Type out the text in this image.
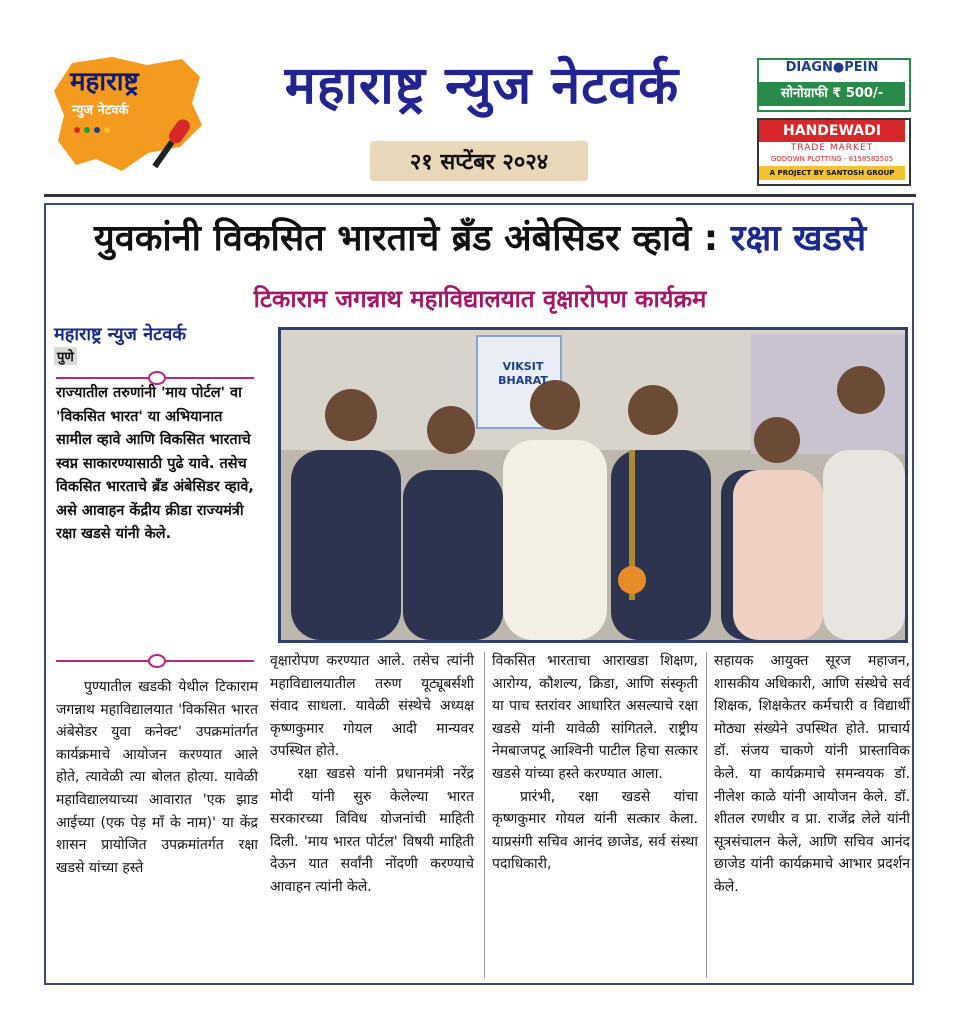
महाराष्ट्र
न्युज नेटवर्क	महाराष्ट्र न्युज नेटवर्क
२१ सप्टेंबर २०२४
DIAGN●PEIN
सोनोग्राफी ₹ 500/-
HANDEWADI
TRADE MARKET
GODOWN PLOTTING - 8158582505
A PROJECT BY SANTOSH GROUP
युवकांनी विकसित भारताचे ब्रँड अंबेसिडर व्हावे : रक्षा खडसे
टिकाराम जगन्नाथ महाविद्यालयात वृक्षारोपण कार्यक्रम
महाराष्ट्र न्युज नेटवर्क
पुणे
राज्यातील तरुणांनी 'माय पोर्टल' वा 'विकसित भारत' या अभियानात सामील व्हावे आणि विकसित भारताचे स्वप्न साकारण्यासाठी पुढे यावे. तसेच विकसित भारताचे ब्रँड अंबेसिडर व्हावे, असे आवाहन केंद्रीय क्रीडा राज्यमंत्री रक्षा खडसे यांनी केले.
VIKSIT BHARAT
पुण्यातील खडकी येथील टिकाराम जगन्नाथ महाविद्यालयात 'विकसित भारत अंबेसेडर युवा कनेक्ट' उपक्रमांतर्गत कार्यक्रमाचे आयोजन करण्यात आले होते, त्यावेळी त्या बोलत होत्या. यावेळी महाविद्यालयाच्या आवारात 'एक झाड आईच्या (एक पेड़ माँ के नाम)' या केंद्र शासन प्रायोजित उपक्रमांतर्गत रक्षा खडसे यांच्या हस्ते
वृक्षारोपण करण्यात आले. तसेच त्यांनी महाविद्यालयातील तरुण यूट्यूबर्सशी संवाद साधला. यावेळी संस्थेचे अध्यक्ष कृष्णकुमार गोयल आदी मान्यवर उपस्थित होते.
रक्षा खडसे यांनी प्रधानमंत्री नरेंद्र मोदी यांनी सुरु केलेल्या भारत सरकारच्या विविध योजनांची माहिती दिली. 'माय भारत पोर्टल' विषयी माहिती देऊन यात सर्वांनी नोंदणी करण्याचे आवाहन त्यांनी केले.
विकसित भारताचा आराखडा शिक्षण, आरोग्य, कौशल्य, क्रिडा, आणि संस्कृती या पाच स्तरांवर आधारित असल्याचे रक्षा खडसे यांनी यावेळी सांगितले. राष्ट्रीय नेमबाजपटू आश्विनी पाटील हिचा सत्कार खडसे यांच्या हस्ते करण्यात आला.
प्रारंभी, रक्षा खडसे यांचा कृष्णकुमार गोयल यांनी सत्कार केला. याप्रसंगी सचिव आनंद छाजेड, सर्व संस्था पदाधिकारी,
सहायक आयुक्त सूरज महाजन, शासकीय अधिकारी, आणि संस्थेचे सर्व शिक्षक, शिक्षकेतर कर्मचारी व विद्यार्थी मोठ्या संख्येने उपस्थित होते. प्राचार्य डॉ. संजय चाकणे यांनी प्रास्ताविक केले. या कार्यक्रमाचे समन्वयक डॉ. नीलेश काळे यांनी आयोजन केले. डॉ. शीतल रणधीर व प्रा. राजेंद्र लेले यांनी सूत्रसंचालन केले, आणि सचिव आनंद छाजेड यांनी कार्यक्रमाचे आभार प्रदर्शन केले.
